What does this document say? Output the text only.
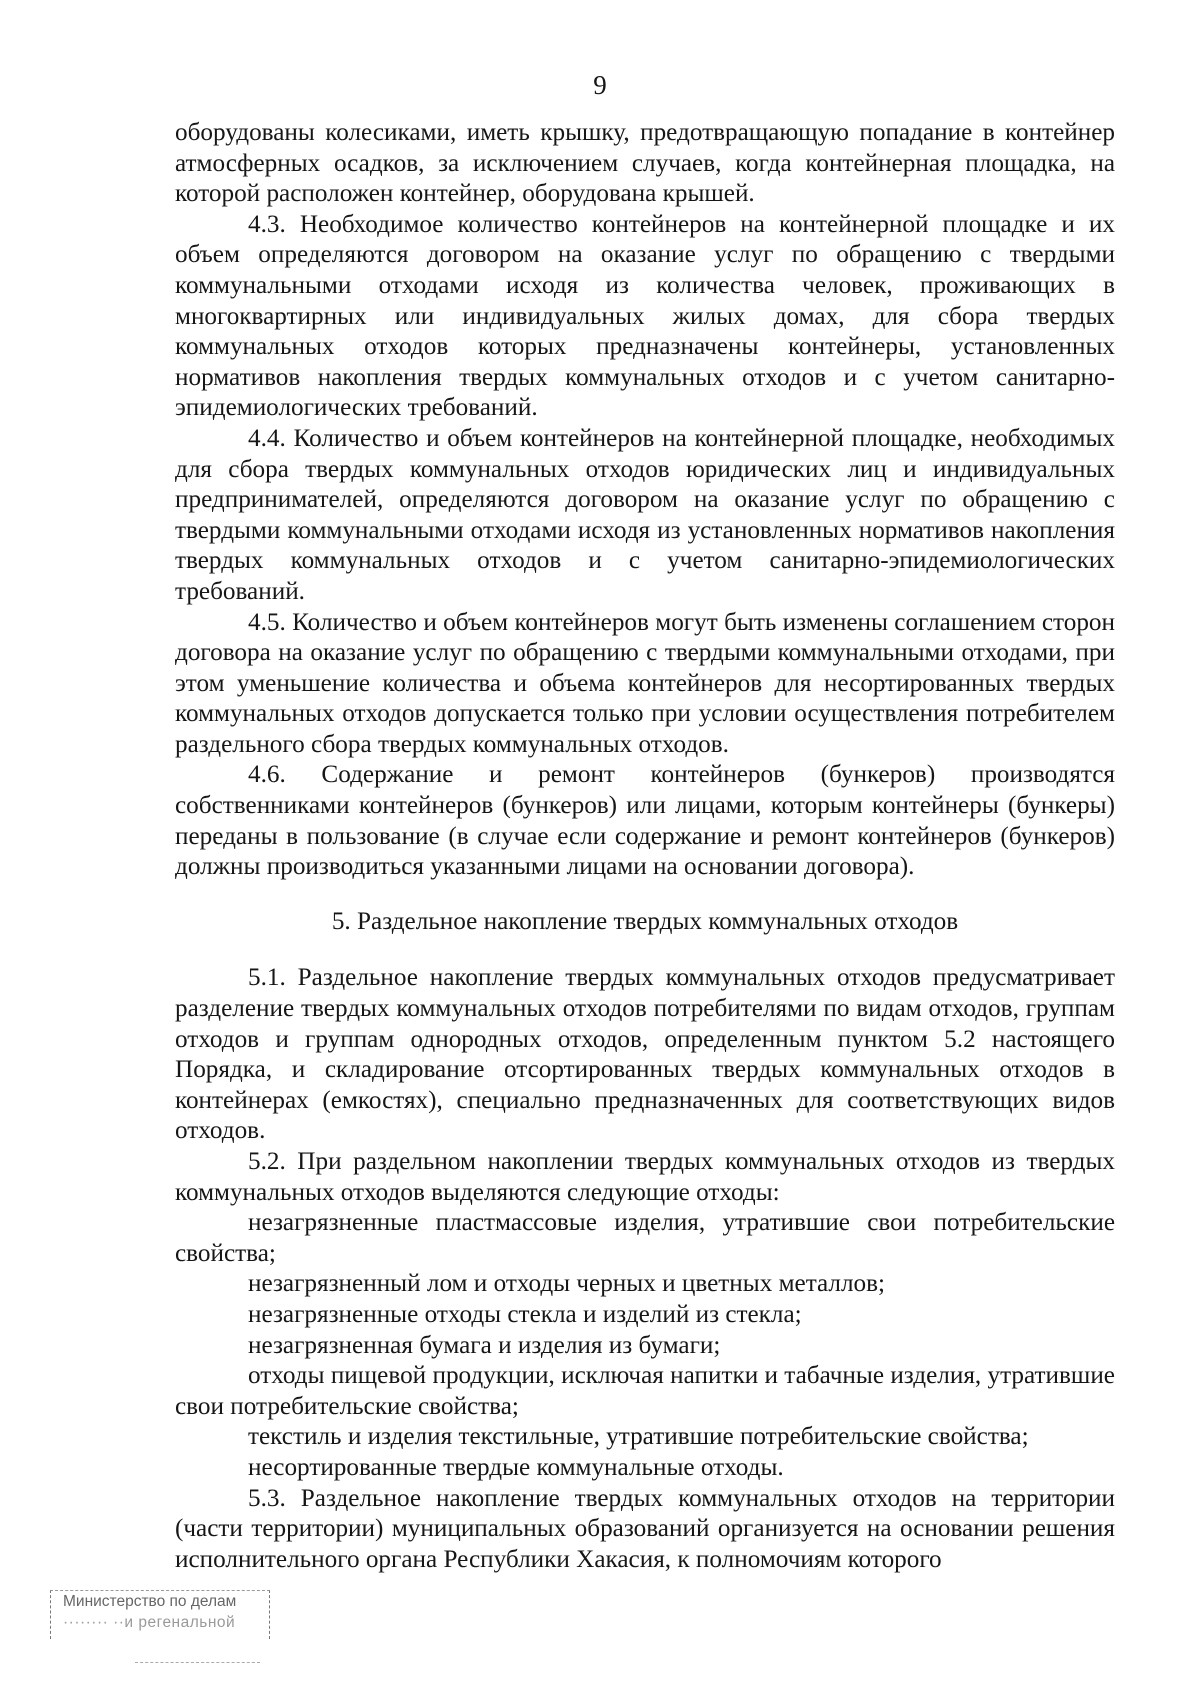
9

оборудованы колесиками, иметь крышку, предотвращающую попадание в контейнер атмосферных осадков, за исключением случаев, когда контейнерная площадка, на которой расположен контейнер, оборудована крышей.

4.3. Необходимое количество контейнеров на контейнерной площадке и их объем определяются договором на оказание услуг по обращению с твердыми коммунальными отходами исходя из количества человек, проживающих в многоквартирных или индивидуальных жилых домах, для сбора твердых коммунальных отходов которых предназначены контейнеры, установленных нормативов накопления твердых коммунальных отходов и с учетом санитарно-эпидемиологических требований.

4.4. Количество и объем контейнеров на контейнерной площадке, необходимых для сбора твердых коммунальных отходов юридических лиц и индивидуальных предпринимателей, определяются договором на оказание услуг по обращению с твердыми коммунальными отходами исходя из установленных нормативов накопления твердых коммунальных отходов и с учетом санитарно-эпидемиологических требований.

4.5. Количество и объем контейнеров могут быть изменены соглашением сторон договора на оказание услуг по обращению с твердыми коммунальными отходами, при этом уменьшение количества и объема контейнеров для несортированных твердых коммунальных отходов допускается только при условии осуществления потребителем раздельного сбора твердых коммунальных отходов.

4.6. Содержание и ремонт контейнеров (бункеров) производятся собственниками контейнеров (бункеров) или лицами, которым контейнеры (бункеры) переданы в пользование (в случае если содержание и ремонт контейнеров (бункеров) должны производиться указанными лицами на основании договора).

5. Раздельное накопление твердых коммунальных отходов

5.1. Раздельное накопление твердых коммунальных отходов предусматривает разделение твердых коммунальных отходов потребителями по видам отходов, группам отходов и группам однородных отходов, определенным пунктом 5.2 настоящего Порядка, и складирование отсортированных твердых коммунальных отходов в контейнерах (емкостях), специально предназначенных для соответствующих видов отходов.

5.2. При раздельном накоплении твердых коммунальных отходов из твердых коммунальных отходов выделяются следующие отходы:

незагрязненные пластмассовые изделия, утратившие свои потребительские свойства;

незагрязненный лом и отходы черных и цветных металлов;

незагрязненные отходы стекла и изделий из стекла;

незагрязненная бумага и изделия из бумаги;

отходы пищевой продукции, исключая напитки и табачные изделия, утратившие свои потребительские свойства;

текстиль и изделия текстильные, утратившие потребительские свойства;

несортированные твердые коммунальные отходы.

5.3. Раздельное накопление твердых коммунальных отходов на территории (части территории) муниципальных образований организуется на основании решения исполнительного органа Республики Хакасия, к полномочиям которого

Министерство по делам
········ ··и регенальной
